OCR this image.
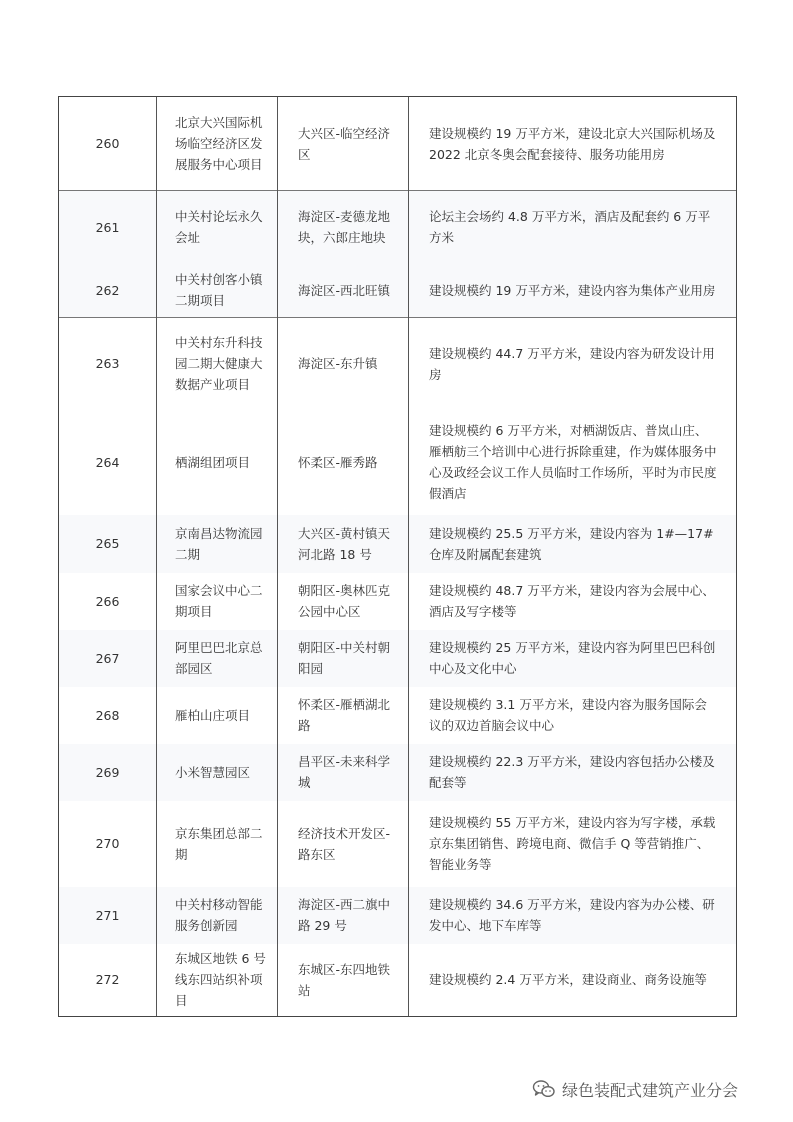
260	北京大兴国际机场临空经济区发展服务中心项目	大兴区-临空经济区	建设规模约 19 万平方米，建设北京大兴国际机场及 2022 北京冬奥会配套接待、服务功能用房
261	中关村论坛永久会址	海淀区-麦德龙地块，六郎庄地块	论坛主会场约 4.8 万平方米，酒店及配套约 6 万平方米
262	中关村创客小镇二期项目	海淀区-西北旺镇	建设规模约 19 万平方米，建设内容为集体产业用房
263	中关村东升科技园二期大健康大数据产业项目	海淀区-东升镇	建设规模约 44.7 万平方米，建设内容为研发设计用房
264	栖湖组团项目	怀柔区-雁秀路	建设规模约 6 万平方米，对栖湖饭店、普岚山庄、雁栖舫三个培训中心进行拆除重建，作为媒体服务中心及政经会议工作人员临时工作场所，平时为市民度假酒店
265	京南昌达物流园二期	大兴区-黄村镇天河北路 18 号	建设规模约 25.5 万平方米，建设内容为 1#—17#仓库及附属配套建筑
266	国家会议中心二期项目	朝阳区-奥林匹克公园中心区	建设规模约 48.7 万平方米，建设内容为会展中心、酒店及写字楼等
267	阿里巴巴北京总部园区	朝阳区-中关村朝阳园	建设规模约 25 万平方米，建设内容为阿里巴巴科创中心及文化中心
268	雁柏山庄项目	怀柔区-雁栖湖北路	建设规模约 3.1 万平方米，建设内容为服务国际会议的双边首脑会议中心
269	小米智慧园区	昌平区-未来科学城	建设规模约 22.3 万平方米，建设内容包括办公楼及配套等
270	京东集团总部二期	经济技术开发区-路东区	建设规模约 55 万平方米，建设内容为写字楼，承载京东集团销售、跨境电商、微信手 Q 等营销推广、智能业务等
271	中关村移动智能服务创新园	海淀区-西二旗中路 29 号	建设规模约 34.6 万平方米，建设内容为办公楼、研发中心、地下车库等
272	东城区地铁 6 号线东四站织补项目	东城区-东四地铁站	建设规模约 2.4 万平方米，建设商业、商务设施等
绿色装配式建筑产业分会
